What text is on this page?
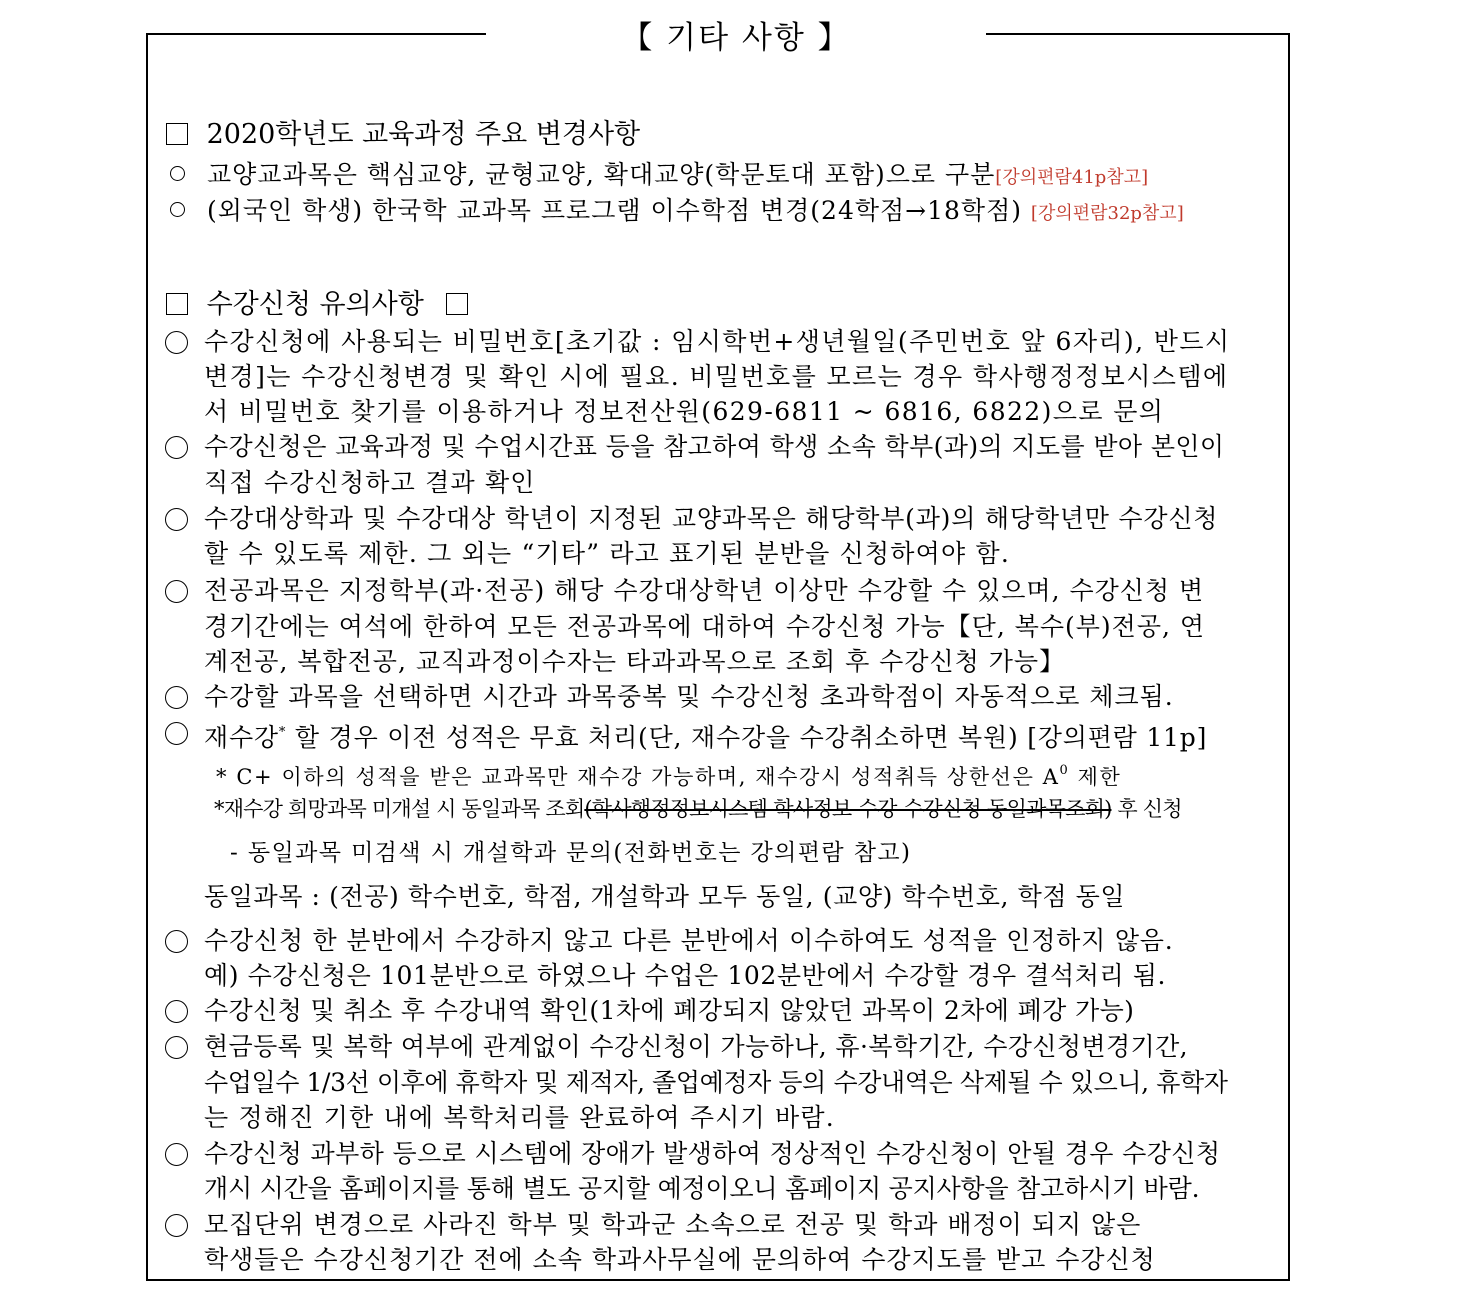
【 기타 사항 】
2020학년도 교육과정 주요 변경사항
교양교과목은 핵심교양, 균형교양, 확대교양(학문토대 포함)으로 구분[강의편람41p참고]
(외국인 학생) 한국학 교과목 프로그램 이수학점 변경(24학점→18학점) [강의편람32p참고]
수강신청 유의사항
수강신청에 사용되는 비밀번호[초기값 : 임시학번+생년월일(주민번호 앞 6자리), 반드시
변경]는 수강신청변경 및 확인 시에 필요. 비밀번호를 모르는 경우 학사행정정보시스템에
서 비밀번호 찾기를 이용하거나 정보전산원(629-6811 ~ 6816, 6822)으로 문의
수강신청은 교육과정 및 수업시간표 등을 참고하여 학생 소속 학부(과)의 지도를 받아 본인이
직접 수강신청하고 결과 확인
수강대상학과 및 수강대상 학년이 지정된 교양과목은 해당학부(과)의 해당학년만 수강신청
할 수 있도록 제한. 그 외는 “기타” 라고 표기된 분반을 신청하여야 함.
전공과목은 지정학부(과·전공) 해당 수강대상학년 이상만 수강할 수 있으며, 수강신청 변
경기간에는 여석에 한하여 모든 전공과목에 대하여 수강신청 가능【단, 복수(부)전공, 연
계전공, 복합전공, 교직과정이수자는 타과과목으로 조회 후 수강신청 가능】
수강할 과목을 선택하면 시간과 과목중복 및 수강신청 초과학점이 자동적으로 체크됨.
재수강* 할 경우 이전 성적은 무효 처리(단, 재수강을 수강취소하면 복원) [강의편람 11p]
* C+ 이하의 성적을 받은 교과목만 재수강 가능하며, 재수강시 성적취득 상한선은 $A^0$ 제한
*재수강 희망과목 미개설 시 동일과목 조회(학사행정정보시스템-학사정보-수강-수강신청-동일과목조회) 후 신청
- 동일과목 미검색 시 개설학과 문의(전화번호는 강의편람 참고)
동일과목 : (전공) 학수번호, 학점, 개설학과 모두 동일, (교양) 학수번호, 학점 동일
수강신청 한 분반에서 수강하지 않고 다른 분반에서 이수하여도 성적을 인정하지 않음.
예) 수강신청은 101분반으로 하였으나 수업은 102분반에서 수강할 경우 결석처리 됨.
수강신청 및 취소 후 수강내역 확인(1차에 폐강되지 않았던 과목이 2차에 폐강 가능)
현금등록 및 복학 여부에 관계없이 수강신청이 가능하나, 휴·복학기간, 수강신청변경기간,
수업일수 1/3선 이후에 휴학자 및 제적자, 졸업예정자 등의 수강내역은 삭제될 수 있으니, 휴학자
는 정해진 기한 내에 복학처리를 완료하여 주시기 바람.
수강신청 과부하 등으로 시스템에 장애가 발생하여 정상적인 수강신청이 안될 경우 수강신청
개시 시간을 홈페이지를 통해 별도 공지할 예정이오니 홈페이지 공지사항을 참고하시기 바람.
모집단위 변경으로 사라진 학부 및 학과군 소속으로 전공 및 학과 배정이 되지 않은
학생들은 수강신청기간 전에 소속 학과사무실에 문의하여 수강지도를 받고 수강신청
